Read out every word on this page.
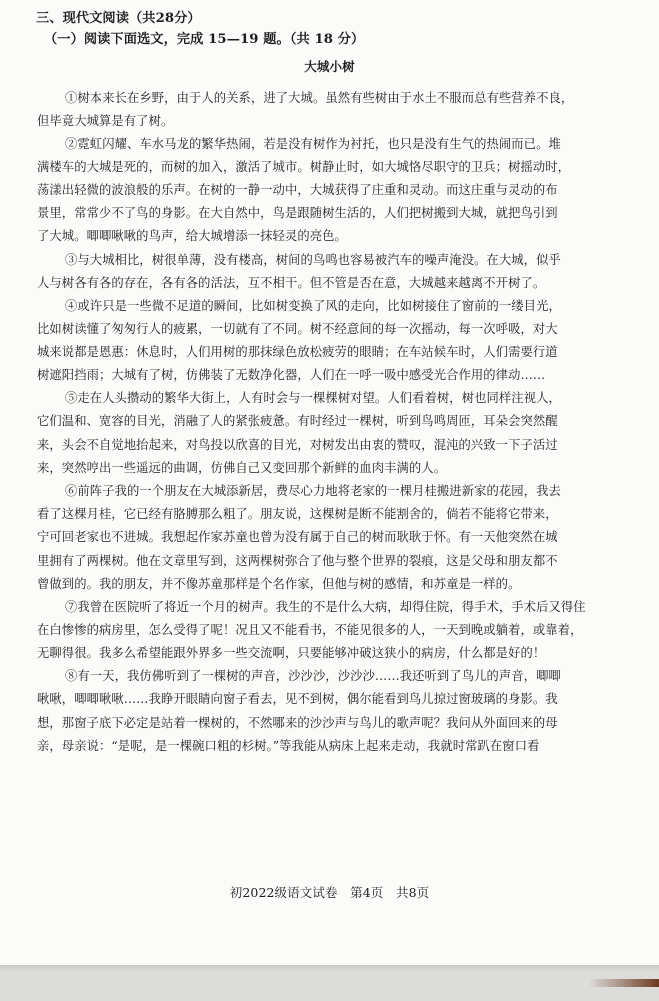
三、现代文阅读（共28分）
（一）阅读下面选文，完成 15—19 题。（共 18 分）
大城小树
①树本来长在乡野，由于人的关系，进了大城。虽然有些树由于水土不服而总有些营养不良，
但毕竟大城算是有了树。
②霓虹闪耀、车水马龙的繁华热闹，若是没有树作为衬托，也只是没有生气的热闹而已。堆
满楼车的大城是死的，而树的加入，激活了城市。树静止时，如大城恪尽职守的卫兵；树摇动时，
荡漾出轻微的波浪般的乐声。在树的一静一动中，大城获得了庄重和灵动。而这庄重与灵动的布
景里，常常少不了鸟的身影。在大自然中，鸟是跟随树生活的，人们把树搬到大城，就把鸟引到
了大城。唧唧啾啾的鸟声，给大城增添一抹轻灵的亮色。
③与大城相比，树很单薄，没有楼高，树间的鸟鸣也容易被汽车的噪声淹没。在大城，似乎
人与树各有各的存在，各有各的活法，互不相干。但不管是否在意，大城越来越离不开树了。
④或许只是一些微不足道的瞬间，比如树变换了风的走向，比如树接住了窗前的一缕目光，
比如树读懂了匆匆行人的疲累，一切就有了不同。树不经意间的每一次摇动，每一次呼吸，对大
城来说都是恩惠：休息时，人们用树的那抹绿色放松疲劳的眼睛；在车站候车时，人们需要行道
树遮阳挡雨；大城有了树，仿佛装了无数净化器，人们在一呼一吸中感受光合作用的律动……
⑤走在人头攒动的繁华大街上，人有时会与一棵棵树对望。人们看着树，树也同样注视人，
它们温和、宽容的目光，消融了人的紧张疲惫。有时经过一棵树，听到鸟鸣周匝，耳朵会突然醒
来，头会不自觉地抬起来，对鸟投以欣喜的目光，对树发出由衷的赞叹，混沌的兴致一下子活过
来，突然哼出一些遥远的曲调，仿佛自己又变回那个新鲜的血肉丰满的人。
⑥前阵子我的一个朋友在大城添新居，费尽心力地将老家的一棵月桂搬进新家的花园，我去
看了这棵月桂，它已经有胳膊那么粗了。朋友说，这棵树是断不能割舍的，倘若不能将它带来，
宁可回老家也不进城。我想起作家苏童也曾为没有属于自己的树而耿耿于怀。有一天他突然在城
里拥有了两棵树。他在文章里写到，这两棵树弥合了他与整个世界的裂痕，这是父母和朋友都不
曾做到的。我的朋友，并不像苏童那样是个名作家，但他与树的感情，和苏童是一样的。
⑦我曾在医院听了将近一个月的树声。我生的不是什么大病，却得住院，得手术，手术后又得住
在白惨惨的病房里，怎么受得了呢！况且又不能看书，不能见很多的人，一天到晚或躺着，或靠着，
无聊得很。我多么希望能跟外界多一些交流啊，只要能够冲破这狭小的病房，什么都是好的！
⑧有一天，我仿佛听到了一棵树的声音，沙沙沙，沙沙沙……我还听到了鸟儿的声音，唧唧
啾啾，唧唧啾啾……我睁开眼睛向窗子看去，见不到树，偶尔能看到鸟儿掠过窗玻璃的身影。我
想，那窗子底下必定是站着一棵树的，不然哪来的沙沙声与鸟儿的歌声呢？我问从外面回来的母
亲，母亲说：“是呢，是一棵碗口粗的杉树。”等我能从病床上起来走动，我就时常趴在窗口看
初2022级语文试卷　第4页　共8页
